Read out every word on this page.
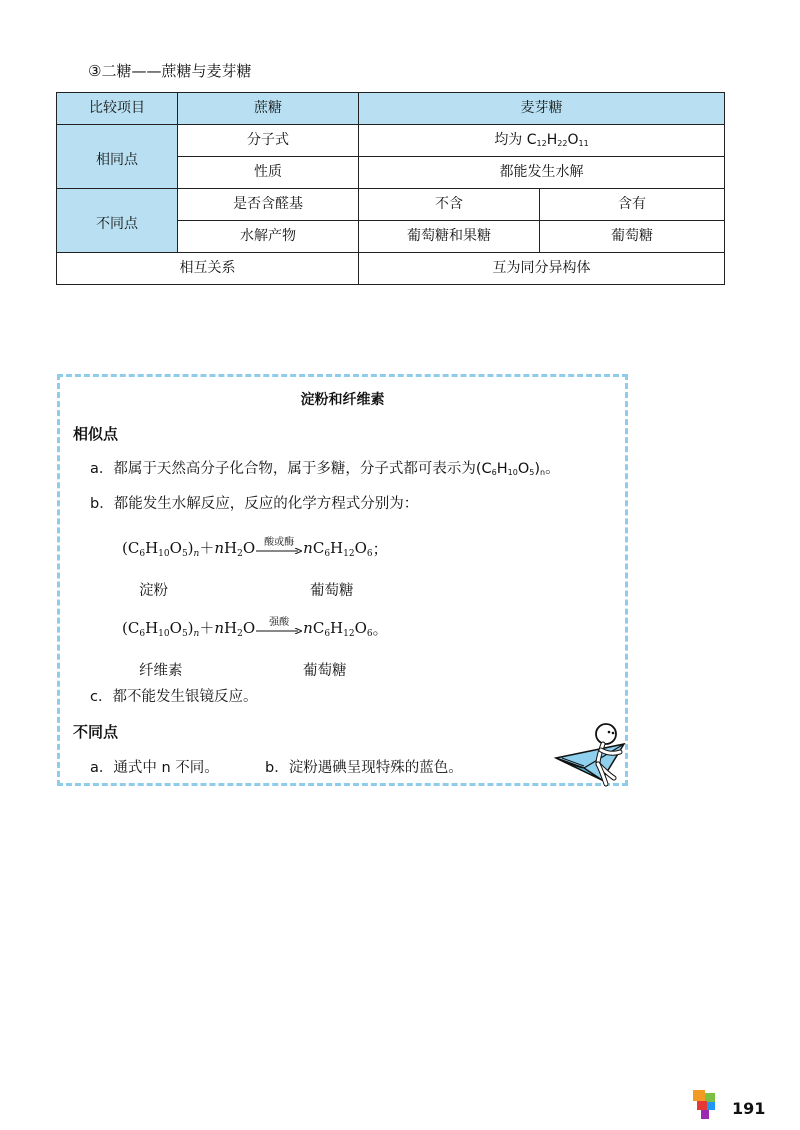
③二糖——蔗糖与麦芽糖
比较项目	蔗糖	麦芽糖	
相同点	分子式	均为 $C_{12}H_{22}O_{11}$
	性质	都能发生水解	
不同点	是否含醛基	不含	含有
	水解产物	葡萄糖和果糖	葡萄糖
相互关系		互为同分异构体	
淀粉和纤维素
相似点
a．都属于天然高分子化合物，属于多糖，分子式都可表示为$(C_6H_{10}O_5)_n$。
b．都能发生水解反应，反应的化学方程式分别为：
$(C_6H_{10}O_5)_n+nH_2O$ 酸或酶 $nC_6H_{12}O_6$ ；
淀粉	葡萄糖
$(C_6H_{10}O_5)_n+nH_2O$	强酸 $nC_6H_{12}O_6$ 。
纤维素	葡萄糖
c．都不能发生银镜反应。
不同点
a．通式中 n 不同。	b．淀粉遇碘呈现特殊的蓝色。
191
